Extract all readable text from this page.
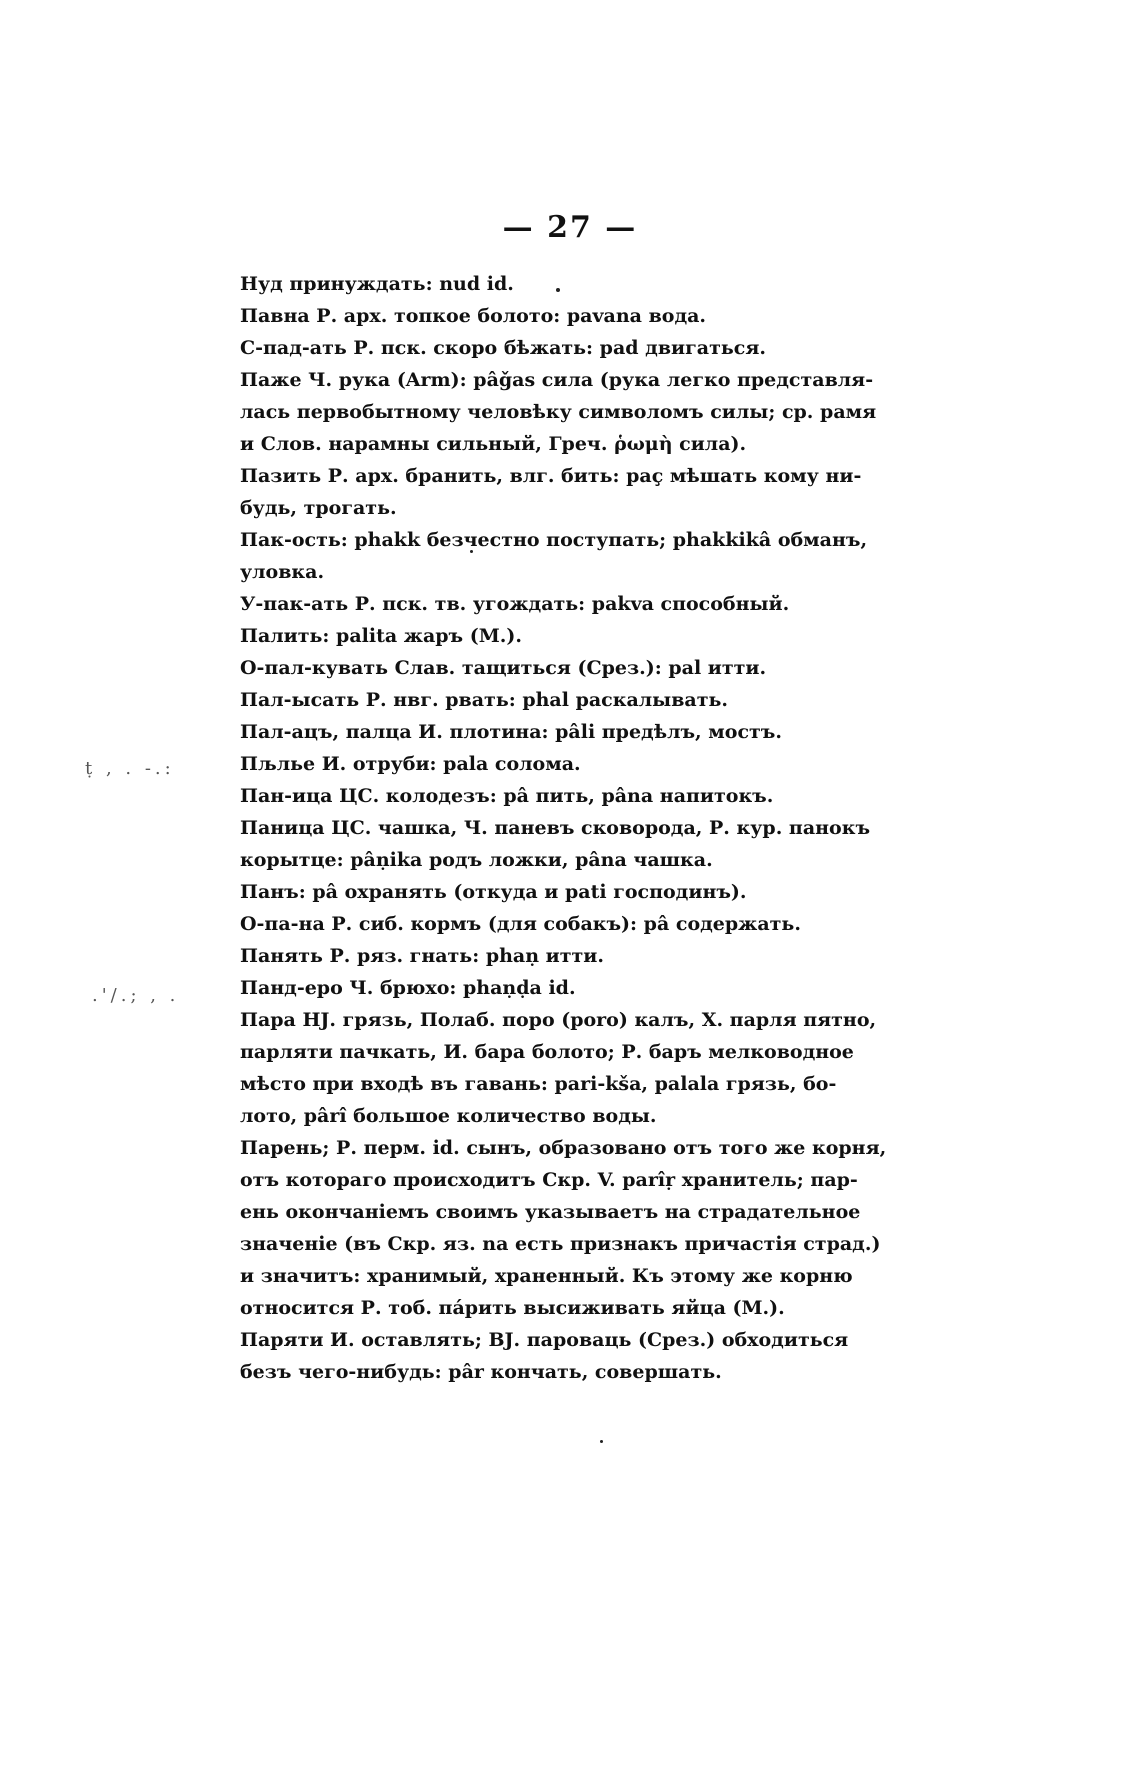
— 27 —
ṭ , . -.:
.'/.; , .

Нуд принуждать: nud id.

Павна Р. арх. топкое болото: pavana вода.

С-пад-ать Р. пск. скоро бѣжать: pad двигаться.

Паже Ч. рука (Arm): pâǧas сила (рука легко представля-
лась первобытному человѣку символомъ силы; ср. рамя
и Слов. нарамны сильный, Греч. ῥωμὴ сила).

Пазить Р. арх. бранить, влг. бить: paç мѣшать кому ни-
будь, трогать.

Пак-ость: phakk безчестно поступать; phakkikâ обманъ,
уловка.

У-пак-ать Р. пск. тв. угождать: pakva способный.

Палить: palita жаръ (М.).

О-пал-кувать Слав. тащиться (Срез.): pal итти.

Пал-ысать Р. нвг. рвать: phal раскалывать.

Пал-ацъ, палца И. плотина: pâli предѣлъ, мостъ.

Пљлье И. отруби: pala солома.

Пан-ица ЦС. колодезъ: pâ пить, pâna напитокъ.

Паница ЦС. чашка, Ч. паневъ сковорода, Р. кур. панокъ
корытце: pâṇika родъ ложки, pâna чашка.

Панъ: pâ охранять (откуда и pati господинъ).

О-па-на Р. сиб. кормъ (для собакъ): pâ содержать.

Панять Р. ряз. гнать: phaṇ итти.

Панд-еро Ч. брюхо: phaṇḍa id.

Пара НЈ. грязь, Полаб. поро (pоro) калъ, Х. парля пятно,
парляти пачкать, И. бара болото; Р. баръ мелководное
мѣсто при входѣ въ гавань: pari-kša, palala грязь, бо-
лото, pârî большое количество воды.

Парень; Р. перм. id. сынъ, образовано отъ того же корня,
отъ котораго происходитъ Скр. V. parîṛ хранитель; пар-
ень окончаніемъ своимъ указываетъ на страдательное
значеніе (въ Скр. яз. na есть признакъ причастія страд.)
и значитъ: хранимый, храненный. Къ этому же корню
относится Р. тоб. пáрить высиживать яйца (М.).

Паряти И. оставлять; ВЈ. пароваць (Срез.) обходиться
безъ чего-нибудь: pâr кончать, совершать.
